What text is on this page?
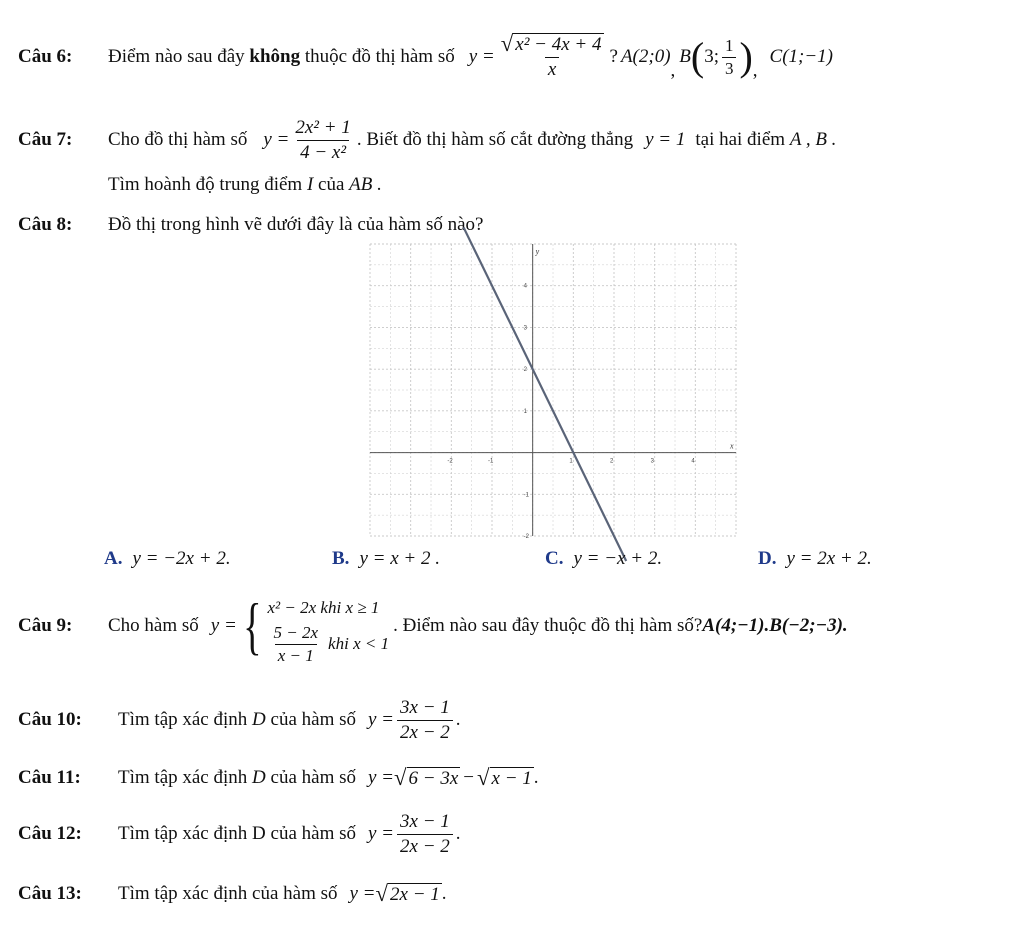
Câu 6:	Điểm nào sau đây
không
thuộc đồ thị hàm số $y = \frac{\text{√ x² − 4x + 4}}{x}$ ? A(2;0)
,
B ( 3; $\frac{1}{3}$ ) ,
C(1;−1)
Câu 7:	Cho đồ thị hàm số $y = \frac{\text{2x² + 1}}{\text{4 − x²}}$ . Biết đồ thị hàm số cắt đường thẳng y = 1 tại hai điểm
A , B .
Tìm hoành độ trung điểm I của AB .
Câu 8: Đồ thị trong hình vẽ dưới đây là của hàm số nào?
x
y
-2	-1	1	2	3	4
4
3
2
1
-1
-2
A. y = −2x + 2.	B. y = x + 2 .	C. y = −x + 2.	D. y = 2x + 2.
Câu 9:	Cho hàm số y = { x² − 2x khi x ≥ 1
$\frac{5 - 2x}{x - 1}$ khi x < 1
. Điểm nào sau đây thuộc đồ thị hàm số? A(4;−1). B(−2;−3).
Câu 10:	Tìm tập xác định
D
của hàm số $y = \frac{3x - 1}{2x - 2}$ .
Câu 11:	Tìm tập xác định
D
của hàm số y = √ 6 − 3x − √ x − 1 .
Câu 12:	Tìm tập xác định
D
của hàm số $y = \frac{3x - 1}{2x - 2}$ .
Câu 13:	Tìm tập xác định của hàm số y = √ 2x − 1 .
